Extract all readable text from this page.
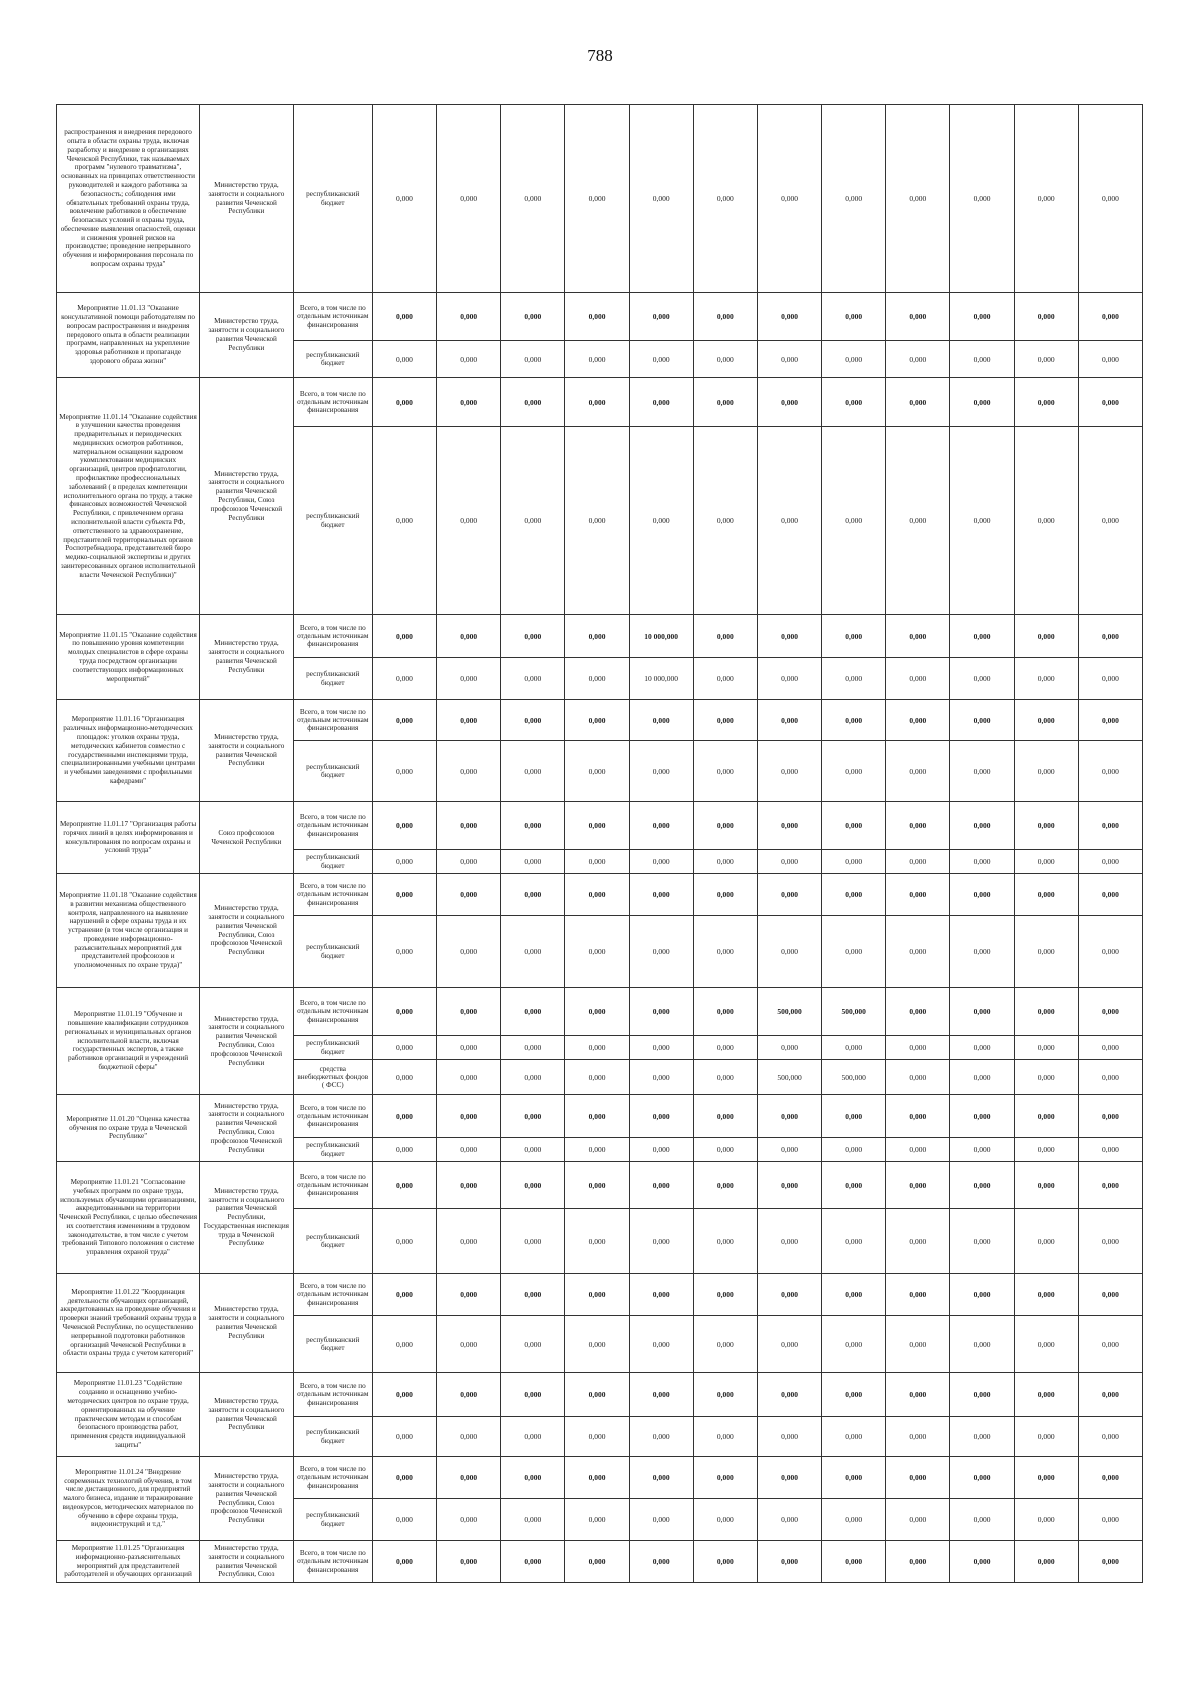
788
распространения и внедрения передового опыта в области охраны труда, включая разработку и внедрение в организациях Чеченской Республики, так называемых программ "нулевого травматизма", основанных на принципах ответственности руководителей и каждого работника за безопасность; соблюдения ими обязательных требований охраны труда, вовлечение работников в обеспечение безопасных условий и охраны труда, обеспечение выявления опасностей, оценки и снижения уровней рисков на производстве; проведение непрерывного обучения и информирования персонала по вопросам охраны труда"	Министерство труда, занятости и социального развития Чеченской Республики	республиканский бюджет	0,000	0,000	0,000	0,000	0,000	0,000	0,000	0,000	0,000	0,000	0,000	0,000
Мероприятие 11.01.13 "Оказание консультативной помощи работодателям по вопросам распространения и внедрения передового опыта в области реализации программ, направленных на укрепление здоровья работников и пропаганде здорового образа жизни"	Министерство труда, занятости и социального развития Чеченской Республики	Всего, в том числе по отдельным источникам финансирования	0,000	0,000	0,000	0,000	0,000	0,000	0,000	0,000	0,000	0,000	0,000	0,000
		республиканский бюджет	0,000	0,000	0,000	0,000	0,000	0,000	0,000	0,000	0,000	0,000	0,000	0,000
Мероприятие 11.01.14 "Оказание содействия в улучшении качества проведения предварительных и периодических медицинских осмотров работников, материальном оснащении кадровом укомплектовании медицинских организаций, центров профпатологии, профилактике профессиональных заболеваний ( в пределах компетенции исполнительного органа по труду, а также финансовых возможностей Чеченской Республики, с привлечением органа исполнительной власти субъекта РФ, ответственного за здравоохранение, представителей территориальных органов Роспотребнадзора, представителей бюро медико-социальной экспертизы и других заинтересованных органов исполнительной власти Чеченской Республики)"	Министерство труда, занятости и социального развития Чеченской Республики, Союз профсоюзов Чеченской Республики	Всего, в том числе по отдельным источникам финансирования	0,000	0,000	0,000	0,000	0,000	0,000	0,000	0,000	0,000	0,000	0,000	0,000
		республиканский бюджет	0,000	0,000	0,000	0,000	0,000	0,000	0,000	0,000	0,000	0,000	0,000	0,000
Мероприятие 11.01.15 "Оказание содействия по повышению уровня компетенции молодых специалистов в сфере охраны труда посредством организации соответствующих информационных мероприятий"	Министерство труда, занятости и социального развития Чеченской Республики	Всего, в том числе по отдельным источникам финансирования	0,000	0,000	0,000	0,000	10 000,000	0,000	0,000	0,000	0,000	0,000	0,000	0,000
		республиканский бюджет	0,000	0,000	0,000	0,000	10 000,000	0,000	0,000	0,000	0,000	0,000	0,000	0,000
Мероприятие 11.01.16 "Организация различных информационно-методических площадок: уголков охраны труда, методических кабинетов совместно с государственными инспекциями труда, специализированными учебными центрами и учебными заведениями с профильными кафедрами"	Министерство труда, занятости и социального развития Чеченской Республики	Всего, в том числе по отдельным источникам финансирования	0,000	0,000	0,000	0,000	0,000	0,000	0,000	0,000	0,000	0,000	0,000	0,000
		республиканский бюджет	0,000	0,000	0,000	0,000	0,000	0,000	0,000	0,000	0,000	0,000	0,000	0,000
Мероприятие 11.01.17 "Организация работы горячих линий в целях информирования и консультирования по вопросам охраны и условий труда"	Союз профсоюзов Чеченской Республики	Всего, в том числе по отдельным источникам финансирования	0,000	0,000	0,000	0,000	0,000	0,000	0,000	0,000	0,000	0,000	0,000	0,000
		республиканский бюджет	0,000	0,000	0,000	0,000	0,000	0,000	0,000	0,000	0,000	0,000	0,000	0,000
Мероприятие 11.01.18 "Оказание содействия в развитии механизма общественного контроля, направленного на выявление нарушений в сфере охраны труда и их устранение (в том числе организация и проведение информационно-разъяснительных мероприятий для представителей профсоюзов и уполномоченных по охране труда)"	Министерство труда, занятости и социального развития Чеченской Республики, Союз профсоюзов Чеченской Республики	Всего, в том числе по отдельным источникам финансирования	0,000	0,000	0,000	0,000	0,000	0,000	0,000	0,000	0,000	0,000	0,000	0,000
		республиканский бюджет	0,000	0,000	0,000	0,000	0,000	0,000	0,000	0,000	0,000	0,000	0,000	0,000
Мероприятие 11.01.19 "Обучение и повышение квалификации сотрудников региональных и муниципальных органов исполнительной власти, включая государственных экспертов, а также работников организаций и учреждений бюджетной сферы"	Министерство труда, занятости и социального развития Чеченской Республики, Союз профсоюзов Чеченской Республики	Всего, в том числе по отдельным источникам финансирования	0,000	0,000	0,000	0,000	0,000	0,000	500,000	500,000	0,000	0,000	0,000	0,000
		республиканский бюджет	0,000	0,000	0,000	0,000	0,000	0,000	0,000	0,000	0,000	0,000	0,000	0,000
		средства внебюджетных фондов ( ФСС)	0,000	0,000	0,000	0,000	0,000	0,000	500,000	500,000	0,000	0,000	0,000	0,000
Мероприятие 11.01.20 "Оценка качества обучения по охране труда в Чеченской Республике"	Министерство труда, занятости и социального развития Чеченской Республики, Союз профсоюзов Чеченской Республики	Всего, в том числе по отдельным источникам финансирования	0,000	0,000	0,000	0,000	0,000	0,000	0,000	0,000	0,000	0,000	0,000	0,000
		республиканский бюджет	0,000	0,000	0,000	0,000	0,000	0,000	0,000	0,000	0,000	0,000	0,000	0,000
Мероприятие 11.01.21 "Согласование учебных программ по охране труда, используемых обучающими организациями, аккредитованными на территории Чеченской Республики, с целью обеспечения их соответствия изменениям в трудовом законодательстве, в том числе с учетом требований Типового положения о системе управления охраной труда"	Министерство труда, занятости и социального развития Чеченской Республики, Государственная инспекция труда в Чеченской Республике	Всего, в том числе по отдельным источникам финансирования	0,000	0,000	0,000	0,000	0,000	0,000	0,000	0,000	0,000	0,000	0,000	0,000
		республиканский бюджет	0,000	0,000	0,000	0,000	0,000	0,000	0,000	0,000	0,000	0,000	0,000	0,000
Мероприятие 11.01.22 "Координация деятельности обучающих организаций, аккредитованных на проведение обучения и проверки знаний требований охраны труда в Чеченской Республике, по осуществлению непрерывной подготовки работников организаций Чеченской Республики в области охраны труда с учетом категорий"	Министерство труда, занятости и социального развития Чеченской Республики	Всего, в том числе по отдельным источникам финансирования	0,000	0,000	0,000	0,000	0,000	0,000	0,000	0,000	0,000	0,000	0,000	0,000
		республиканский бюджет	0,000	0,000	0,000	0,000	0,000	0,000	0,000	0,000	0,000	0,000	0,000	0,000
Мероприятие 11.01.23 "Содействие созданию и оснащению учебно-методических центров по охране труда, ориентированных на обучение практическим методам и способам безопасного производства работ, применения средств индивидуальной защиты"	Министерство труда, занятости и социального развития Чеченской Республики	Всего, в том числе по отдельным источникам финансирования	0,000	0,000	0,000	0,000	0,000	0,000	0,000	0,000	0,000	0,000	0,000	0,000
		республиканский бюджет	0,000	0,000	0,000	0,000	0,000	0,000	0,000	0,000	0,000	0,000	0,000	0,000
Мероприятие 11.01.24 "Внедрение современных технологий обучения, в том числе дистанционного, для предприятий малого бизнеса, издание и тиражирование видеокурсов, методических материалов по обучению в сфере охраны труда, видеоинструкций и т.д."	Министерство труда, занятости и социального развития Чеченской Республики, Союз профсоюзов Чеченской Республики	Всего, в том числе по отдельным источникам финансирования	0,000	0,000	0,000	0,000	0,000	0,000	0,000	0,000	0,000	0,000	0,000	0,000
		республиканский бюджет	0,000	0,000	0,000	0,000	0,000	0,000	0,000	0,000	0,000	0,000	0,000	0,000
Мероприятие 11.01.25 "Организация информационно-разъяснительных мероприятий для представителей работодателей и обучающих организаций	Министерство труда, занятости и социального развития Чеченской Республики, Союз	Всего, в том числе по отдельным источникам финансирования	0,000	0,000	0,000	0,000	0,000	0,000	0,000	0,000	0,000	0,000	0,000	0,000
